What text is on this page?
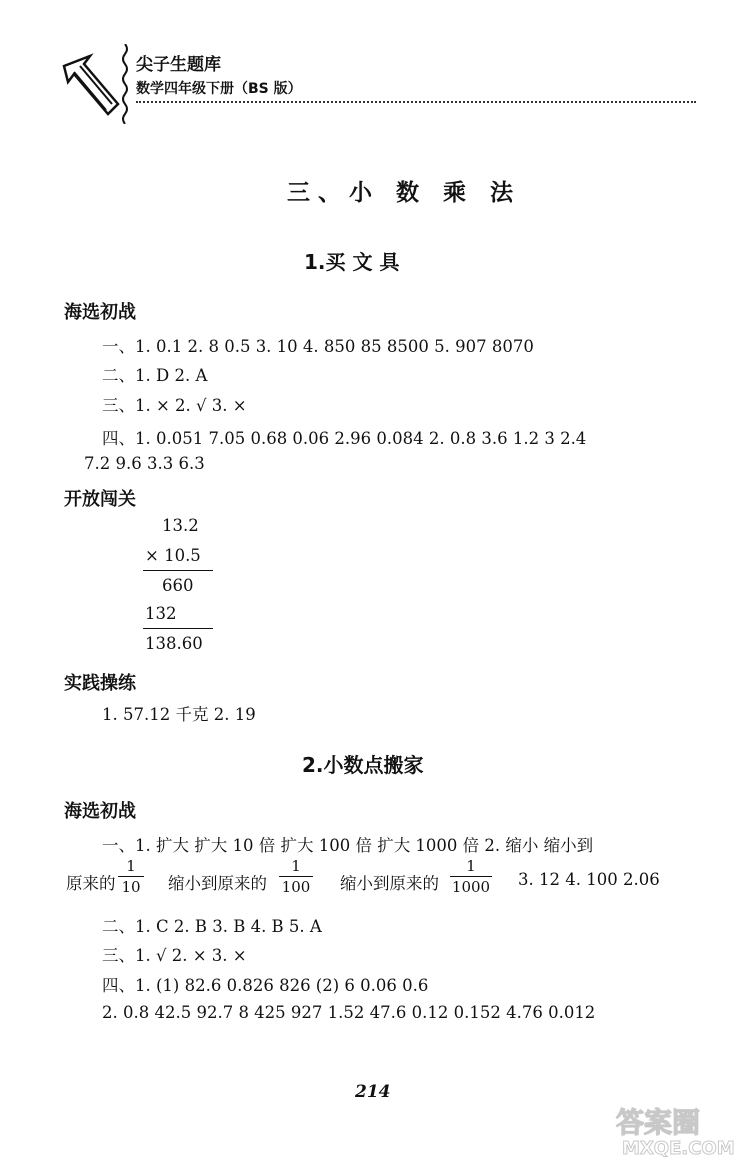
尖子生题库
数学四年级下册（BS 版）
三、小 数 乘 法
1.买 文 具
海选初战
一、1. 0.1 2. 8 0.5 3. 10 4. 850 85 8500 5. 907 8070
二、1. D 2. A
三、1. × 2. √ 3. ×
四、1. 0.051 7.05 0.68 0.06 2.96 0.084 2. 0.8 3.6 1.2 3 2.4
7.2 9.6 3.3 6.3
开放闯关
13.2
× 10.5
660
132
138.60
实践操练
1. 57.12 千克 2. 19
2.小数点搬家
海选初战
一、1. 扩大 扩大 10 倍 扩大 100 倍 扩大 1000 倍 2. 缩小 缩小到
原来的
1
10 缩小到原来的
1
100 缩小到原来的
1
1000 3. 12 4. 100 2.06
二、1. C 2. B 3. B 4. B 5. A
三、1. √ 2. × 3. ×
四、1. (1) 82.6 0.826 826 (2) 6 0.06 0.6
2. 0.8 42.5 92.7 8 425 927 1.52 47.6 0.12 0.152 4.76 0.012
214
答案圈
MXQE.COM
